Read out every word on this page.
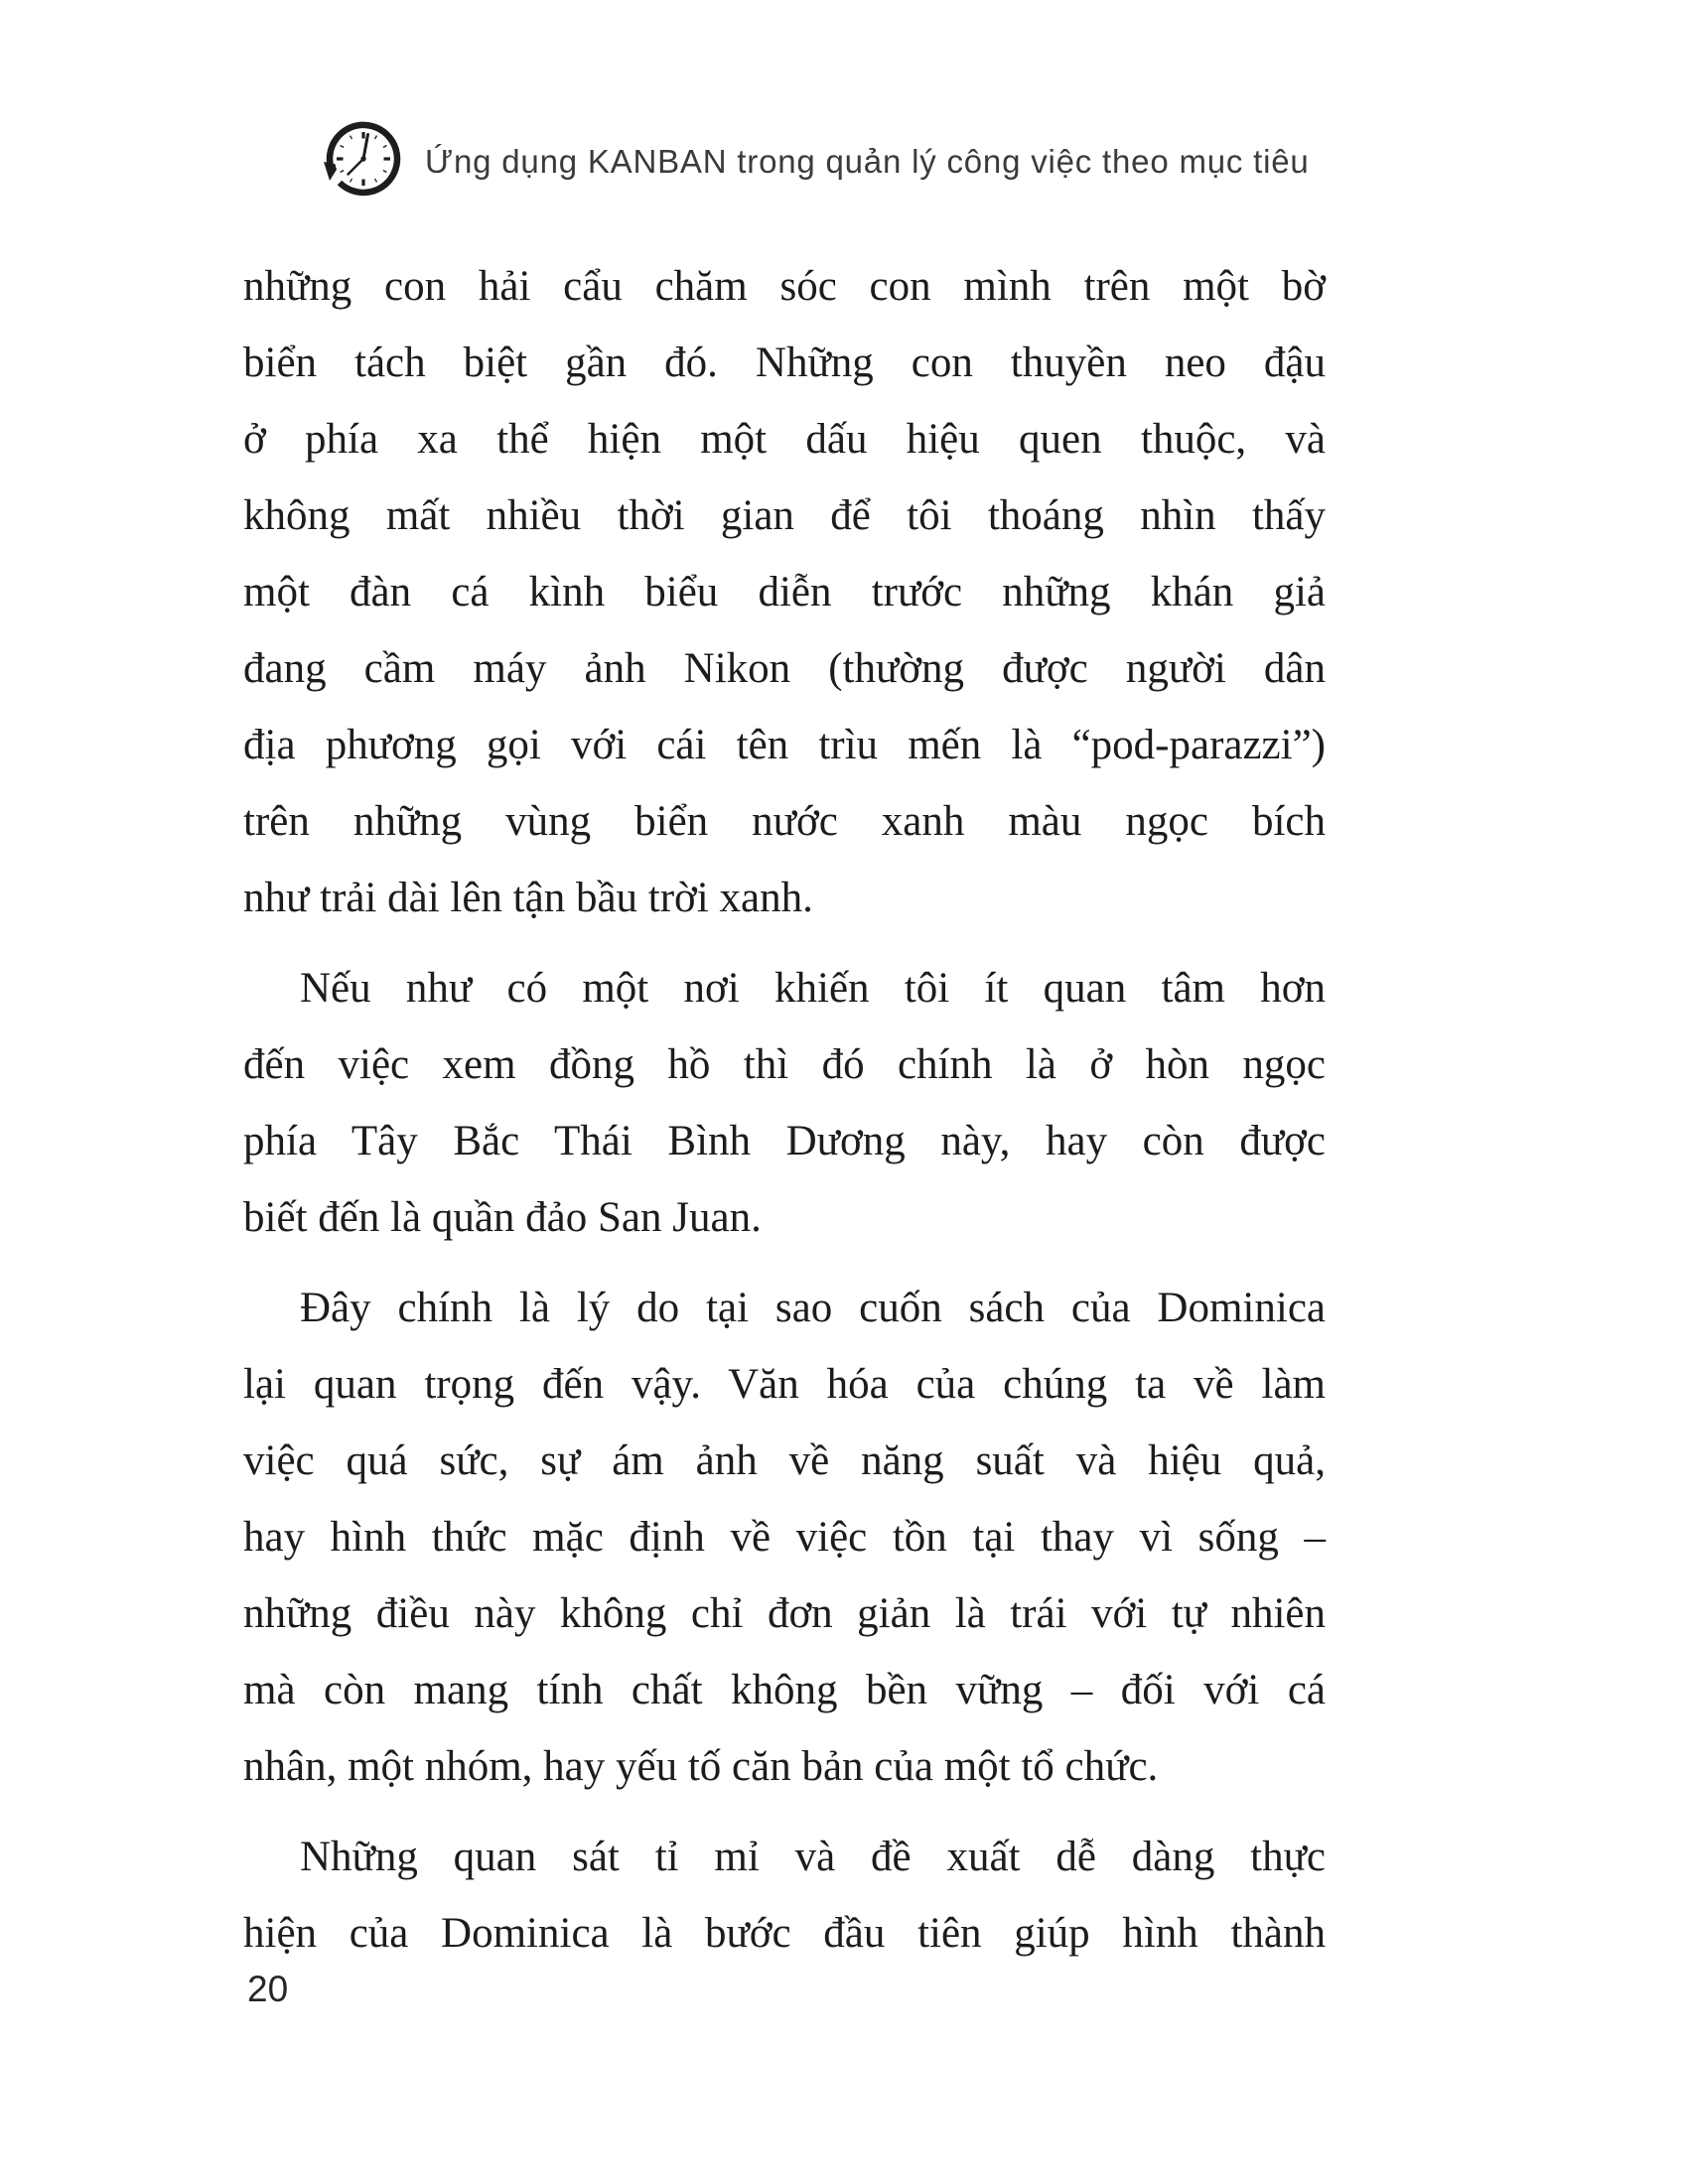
Ứng dụng KANBAN trong quản lý công việc theo mục tiêu

những con hải cẩu chăm sóc con mình trên một bờ
biển tách biệt gần đó. Những con thuyền neo đậu
ở phía xa thể hiện một dấu hiệu quen thuộc, và
không mất nhiều thời gian để tôi thoáng nhìn thấy
một đàn cá kình biểu diễn trước những khán giả
đang cầm máy ảnh Nikon (thường được người dân
địa phương gọi với cái tên trìu mến là “pod-parazzi”)
trên những vùng biển nước xanh màu ngọc bích
như trải dài lên tận bầu trời xanh.

Nếu như có một nơi khiến tôi ít quan tâm hơn
đến việc xem đồng hồ thì đó chính là ở hòn ngọc
phía Tây Bắc Thái Bình Dương này, hay còn được
biết đến là quần đảo San Juan.

Đây chính là lý do tại sao cuốn sách của Dominica
lại quan trọng đến vậy. Văn hóa của chúng ta về làm
việc quá sức, sự ám ảnh về năng suất và hiệu quả,
hay hình thức mặc định về việc tồn tại thay vì sống –
những điều này không chỉ đơn giản là trái với tự nhiên
mà còn mang tính chất không bền vững – đối với cá
nhân, một nhóm, hay yếu tố căn bản của một tổ chức.

Những quan sát tỉ mỉ và đề xuất dễ dàng thực
hiện của Dominica là bước đầu tiên giúp hình thành

20
